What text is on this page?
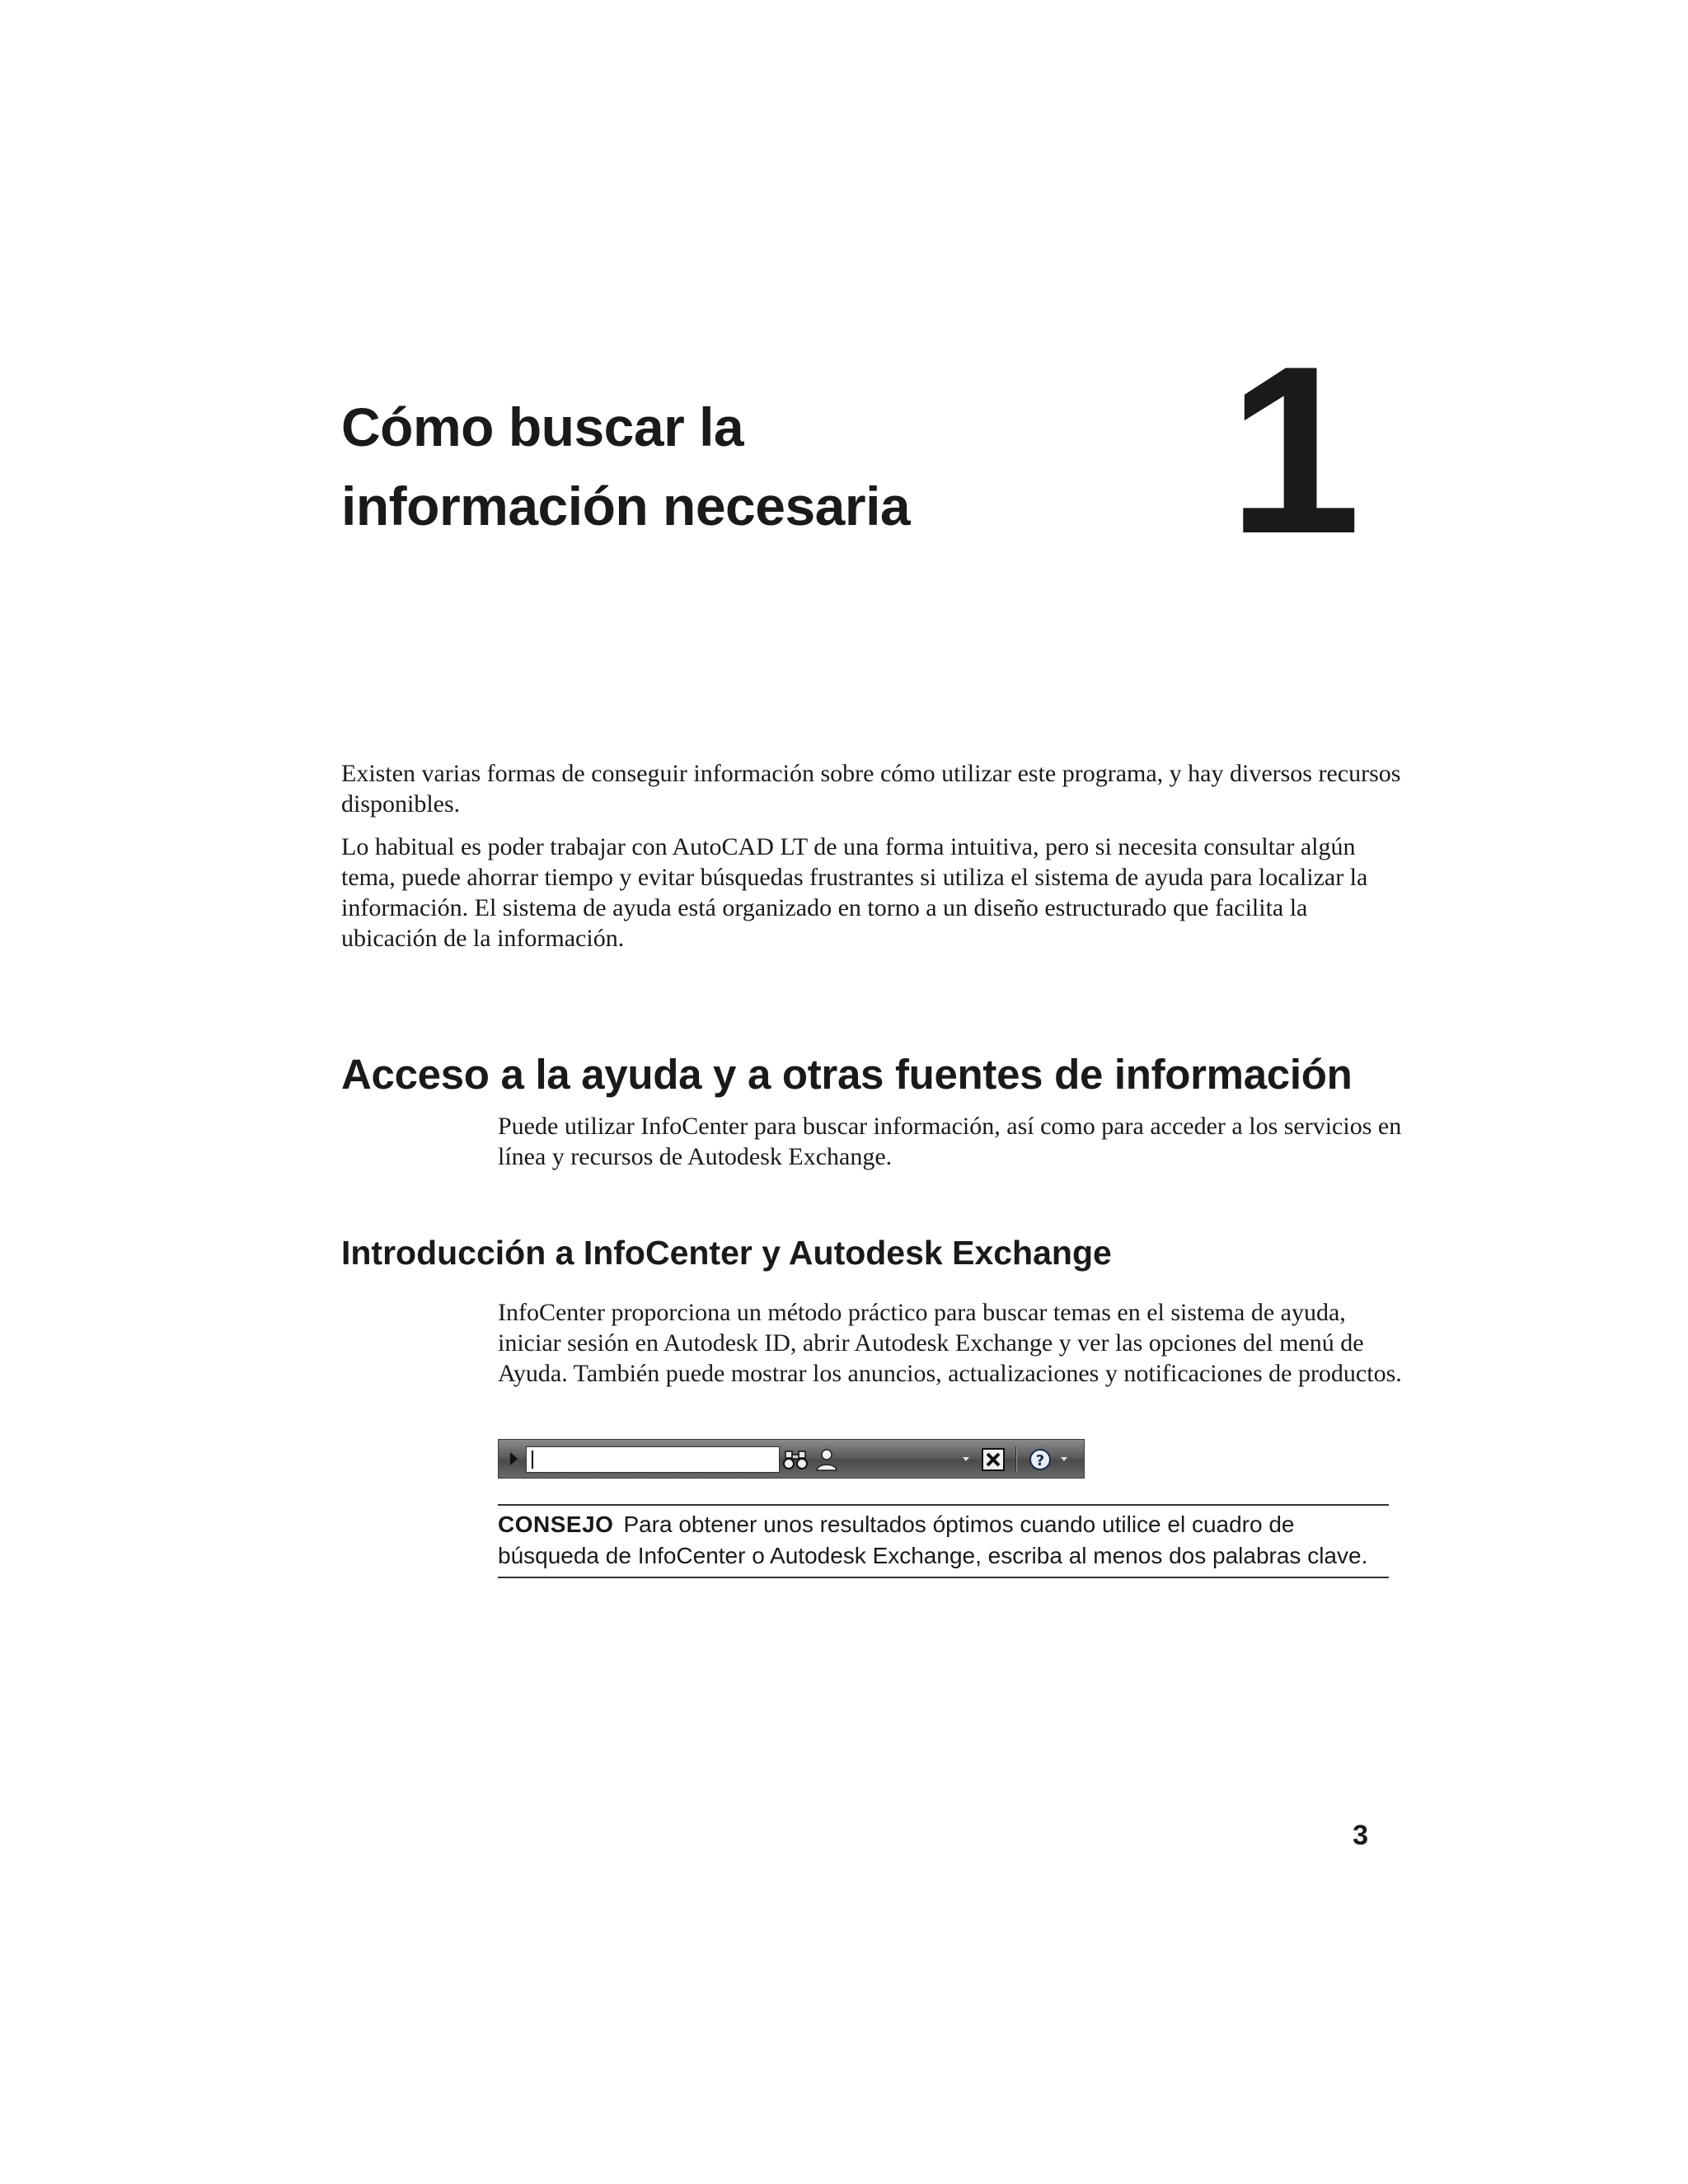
Cómo buscar la
información necesaria	1

Existen varias formas de conseguir información sobre cómo utilizar este programa, y hay diversos recursos disponibles.

Lo habitual es poder trabajar con AutoCAD LT de una forma intuitiva, pero si necesita consultar algún tema, puede ahorrar tiempo y evitar búsquedas frustrantes si utiliza el sistema de ayuda para localizar la información. El sistema de ayuda está organizado en torno a un diseño estructurado que facilita la ubicación de la información.

Acceso a la ayuda y a otras fuentes de información

Puede utilizar InfoCenter para buscar información, así como para acceder a los servicios en línea y recursos de Autodesk Exchange.

Introducción a InfoCenter y Autodesk Exchange

InfoCenter proporciona un método práctico para buscar temas en el sistema de ayuda, iniciar sesión en Autodesk ID, abrir Autodesk Exchange y ver las opciones del menú de Ayuda. También puede mostrar los anuncios, actualizaciones y notificaciones de productos.

?
CONSEJO Para obtener unos resultados óptimos cuando utilice el cuadro de búsqueda de InfoCenter o Autodesk Exchange, escriba al menos dos palabras clave.
3
